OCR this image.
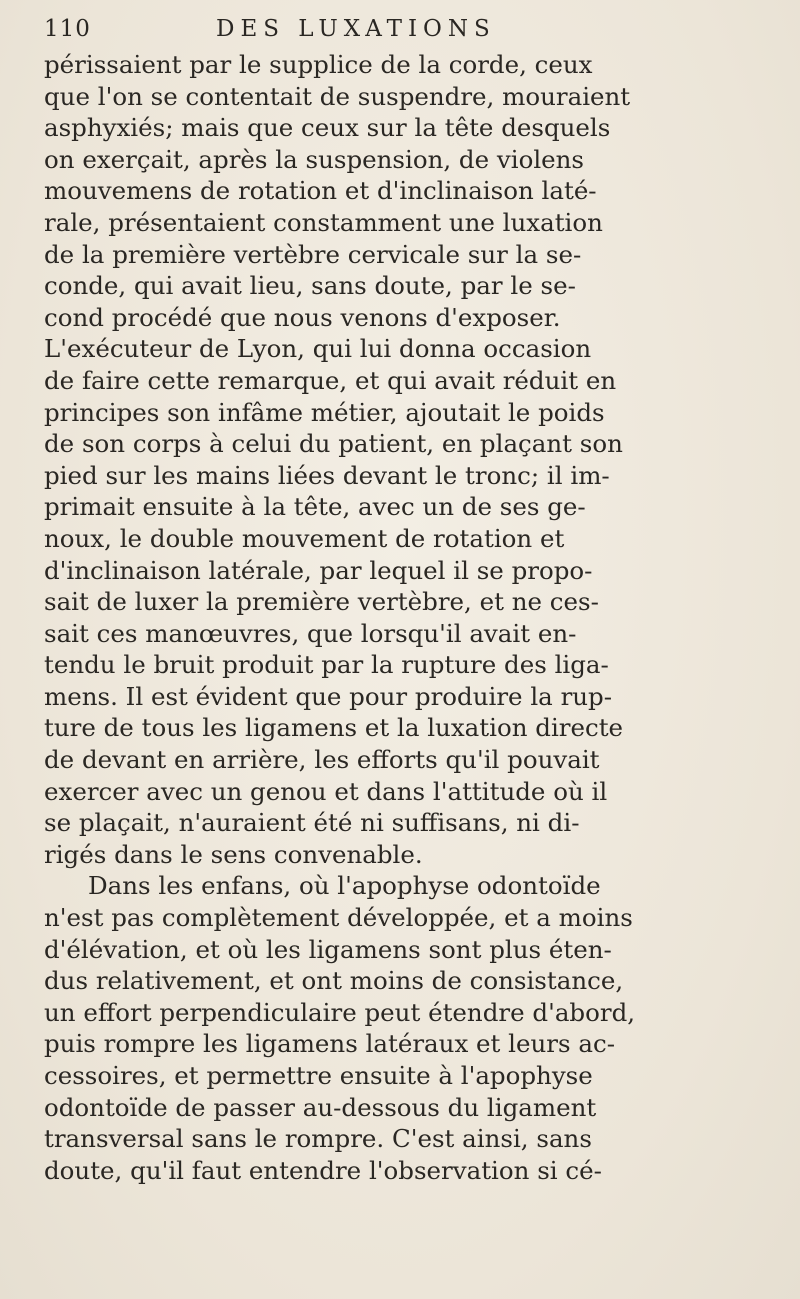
110	DES LUXATIONS
périssaient par le supplice de la corde, ceux
que l'on se contentait de suspendre, mouraient
asphyxiés; mais que ceux sur la tête desquels
on exerçait, après la suspension, de violens
mouvemens de rotation et d'inclinaison laté-
rale, présentaient constamment une luxation
de la première vertèbre cervicale sur la se-
conde, qui avait lieu, sans doute, par le se-
cond procédé que nous venons d'exposer.
L'exécuteur de Lyon, qui lui donna occasion
de faire cette remarque, et qui avait réduit en
principes son infâme métier, ajoutait le poids
de son corps à celui du patient, en plaçant son
pied sur les mains liées devant le tronc; il im-
primait ensuite à la tête, avec un de ses ge-
noux, le double mouvement de rotation et
d'inclinaison latérale, par lequel il se propo-
sait de luxer la première vertèbre, et ne ces-
sait ces manœuvres, que lorsqu'il avait en-
tendu le bruit produit par la rupture des liga-
mens. Il est évident que pour produire la rup-
ture de tous les ligamens et la luxation directe
de devant en arrière, les efforts qu'il pouvait
exercer avec un genou et dans l'attitude où il
se plaçait, n'auraient été ni suffisans, ni di-
rigés dans le sens convenable.
Dans les enfans, où l'apophyse odontoïde
n'est pas complètement développée, et a moins
d'élévation, et où les ligamens sont plus éten-
dus relativement, et ont moins de consistance,
un effort perpendiculaire peut étendre d'abord,
puis rompre les ligamens latéraux et leurs ac-
cessoires, et permettre ensuite à l'apophyse
odontoïde de passer au-dessous du ligament
transversal sans le rompre. C'est ainsi, sans
doute, qu'il faut entendre l'observation si cé-
